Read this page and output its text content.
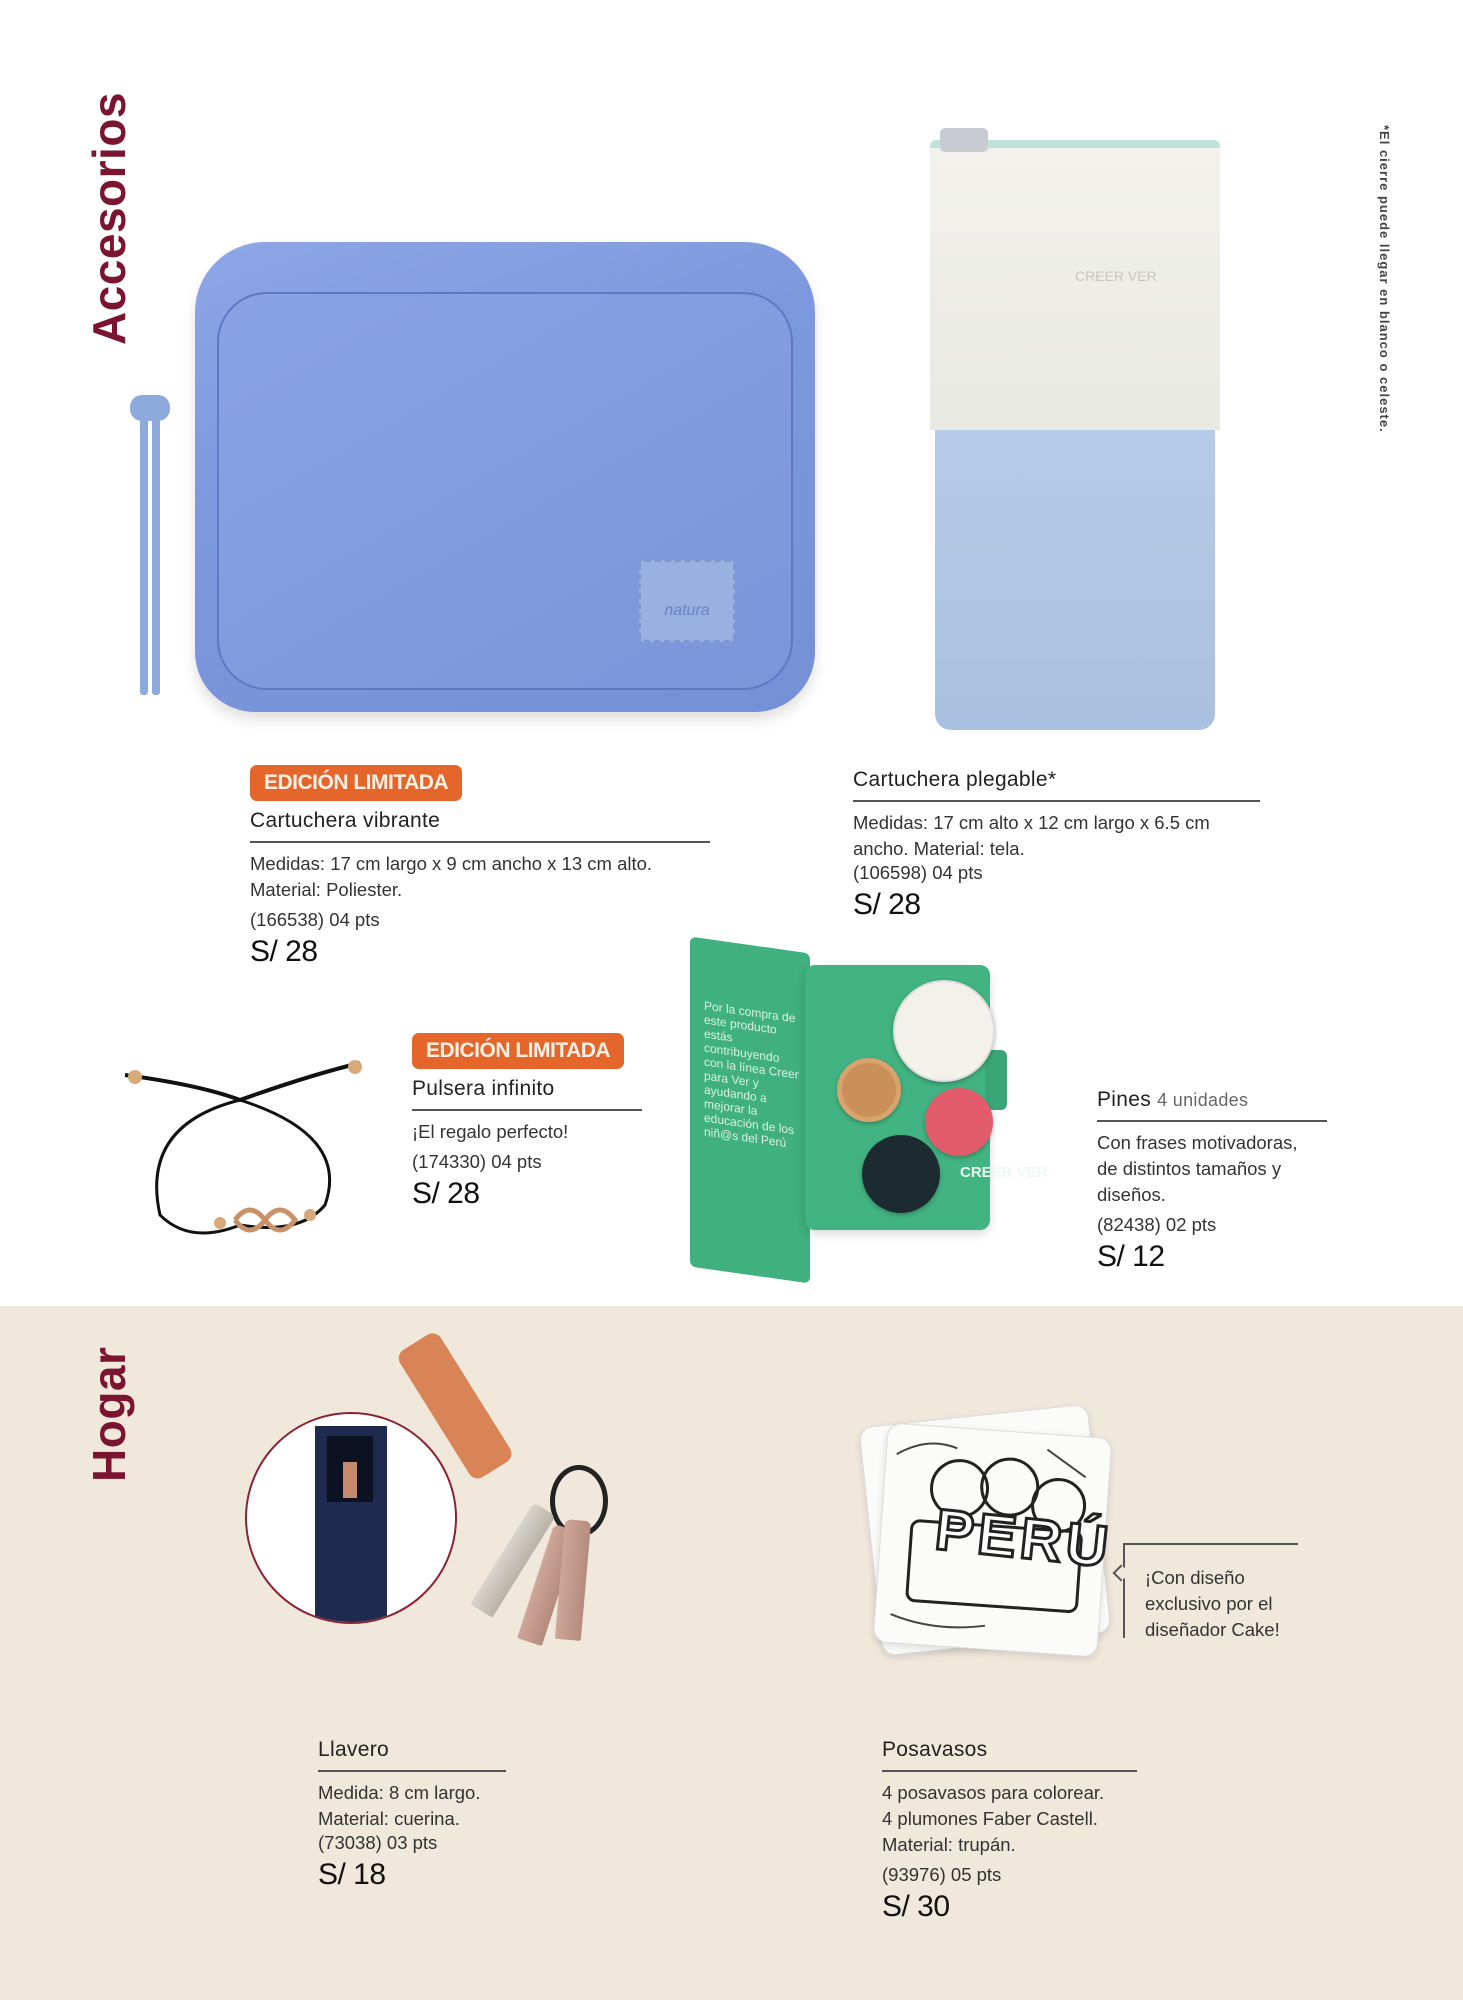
Accesorios
Hogar
*El cierre puede llegar en blanco o celeste.
natura
CREER VER
EDICIÓN LIMITADA
Cartuchera vibrante
Medidas: 17 cm largo x 9 cm ancho x 13 cm alto.
Material: Poliester.
(166538) 04 pts
S/ 28
Cartuchera plegable*
Medidas: 17 cm alto x 12 cm largo x 6.5 cm
ancho. Material: tela.
(106598) 04 pts
S/ 28
EDICIÓN LIMITADA
Pulsera infinito
¡El regalo perfecto!
(174330) 04 pts
S/ 28
Por la compra de este producto estás contribuyendo con la línea Creer para Ver y ayudando a mejorar la educación de los niñ@s del Perú
CREER VER
Pines 4 unidades
Con frases motivadoras,
de distintos tamaños y
diseños.
(82438) 02 pts
S/ 12
Llavero
Medida: 8 cm largo.
Material: cuerina.
(73038) 03 pts
S/ 18
PERÚ	¡Con diseño exclusivo por el diseñador Cake!
Posavasos
4 posavasos para colorear.
4 plumones Faber Castell.
Material: trupán.
(93976) 05 pts
S/ 30
